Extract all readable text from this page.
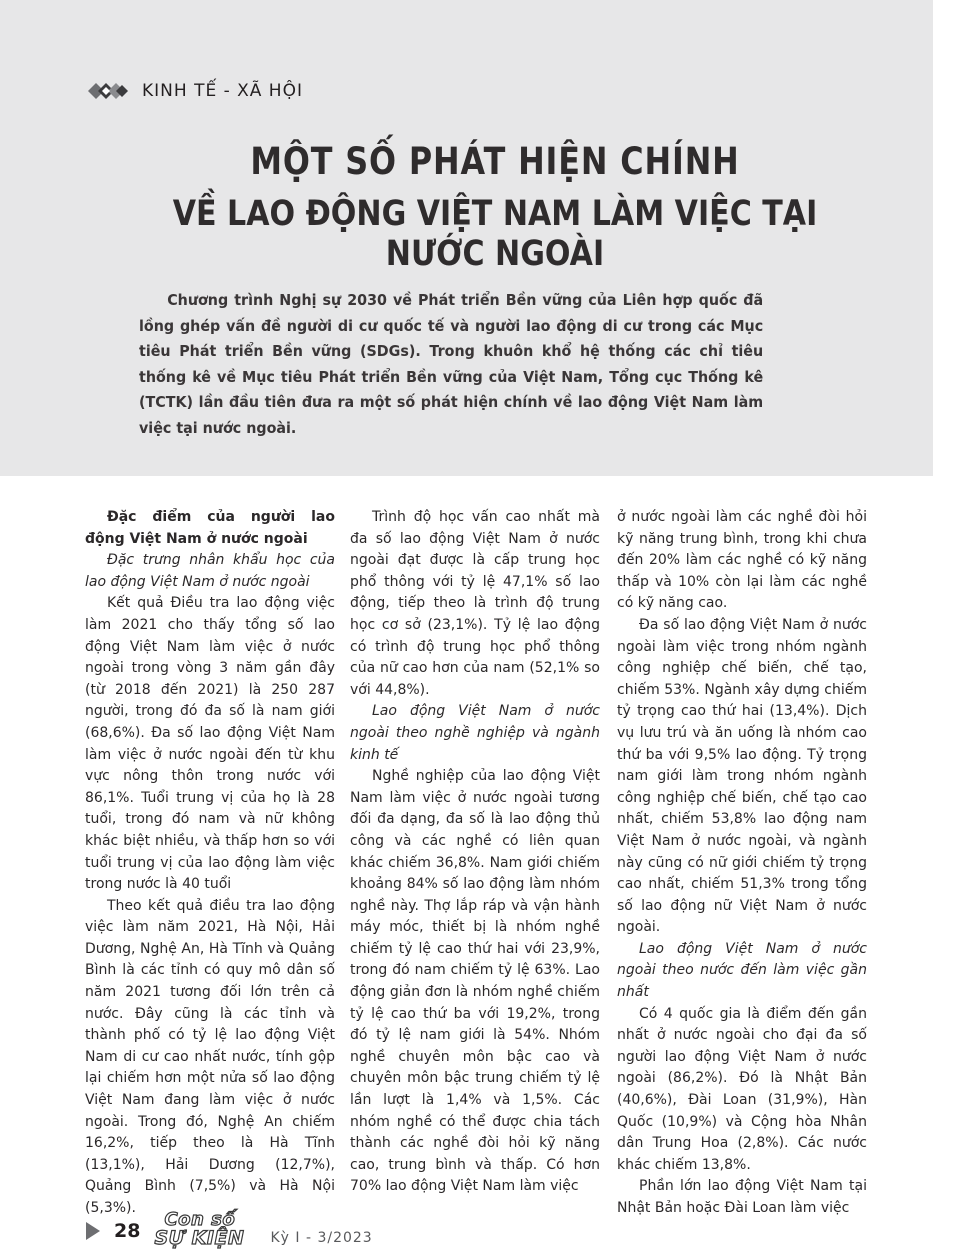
KINH TẾ - XÃ HỘI
MỘT SỐ PHÁT HIỆN CHÍNH
VỀ LAO ĐỘNG VIỆT NAM LÀM VIỆC TẠI NƯỚC NGOÀI

Chương trình Nghị sự 2030 về Phát triển Bền vững của Liên hợp quốc đã lồng ghép vấn đề người di cư quốc tế và người lao động di cư trong các Mục tiêu Phát triển Bền vững (SDGs). Trong khuôn khổ hệ thống các chỉ tiêu thống kê về Mục tiêu Phát triển Bền vững của Việt Nam, Tổng cục Thống kê (TCTK) lần đầu tiên đưa ra một số phát hiện chính về lao động Việt Nam làm việc tại nước ngoài.

Đặc điểm của người lao động Việt Nam ở nước ngoài

Đặc trưng nhân khẩu học của lao động Việt Nam ở nước ngoài

Kết quả Điều tra lao động việc làm 2021 cho thấy tổng số lao động Việt Nam làm việc ở nước ngoài trong vòng 3 năm gần đây (từ 2018 đến 2021) là 250 287 người, trong đó đa số là nam giới (68,6%). Đa số lao động Việt Nam làm việc ở nước ngoài đến từ khu vực nông thôn trong nước với 86,1%. Tuổi trung vị của họ là 28 tuổi, trong đó nam và nữ không khác biệt nhiều, và thấp hơn so với tuổi trung vị của lao động làm việc trong nước là 40 tuổi

Theo kết quả điều tra lao động việc làm năm 2021, Hà Nội, Hải Dương, Nghệ An, Hà Tĩnh và Quảng Bình là các tỉnh có quy mô dân số năm 2021 tương đối lớn trên cả nước. Đây cũng là các tỉnh và thành phố có tỷ lệ lao động Việt Nam di cư cao nhất nước, tính gộp lại chiếm hơn một nửa số lao động Việt Nam đang làm việc ở nước ngoài. Trong đó, Nghệ An chiếm 16,2%, tiếp theo là Hà Tĩnh (13,1%), Hải Dương (12,7%), Quảng Bình (7,5%) và Hà Nội (5,3%).

Trình độ học vấn cao nhất mà đa số lao động Việt Nam ở nước ngoài đạt được là cấp trung học phổ thông với tỷ lệ 47,1% số lao động, tiếp theo là trình độ trung học cơ sở (23,1%). Tỷ lệ lao động có trình độ trung học phổ thông của nữ cao hơn của nam (52,1% so với 44,8%).

Lao động Việt Nam ở nước ngoài theo nghề nghiệp và ngành kinh tế

Nghề nghiệp của lao động Việt Nam làm việc ở nước ngoài tương đối đa dạng, đa số là lao động thủ công và các nghề có liên quan khác chiếm 36,8%. Nam giới chiếm khoảng 84% số lao động làm nhóm nghề này. Thợ lắp ráp và vận hành máy móc, thiết bị là nhóm nghề chiếm tỷ lệ cao thứ hai với 23,9%, trong đó nam chiếm tỷ lệ 63%. Lao động giản đơn là nhóm nghề chiếm tỷ lệ cao thứ ba với 19,2%, trong đó tỷ lệ nam giới là 54%. Nhóm nghề chuyên môn bậc cao và chuyên môn bậc trung chiếm tỷ lệ lần lượt là 1,4% và 1,5%. Các nhóm nghề có thể được chia tách thành các nghề đòi hỏi kỹ năng cao, trung bình và thấp. Có hơn 70% lao động Việt Nam làm việc

ở nước ngoài làm các nghề đòi hỏi kỹ năng trung bình, trong khi chưa đến 20% làm các nghề có kỹ năng thấp và 10% còn lại làm các nghề có kỹ năng cao.

Đa số lao động Việt Nam ở nước ngoài làm việc trong nhóm ngành công nghiệp chế biến, chế tạo, chiếm 53%. Ngành xây dựng chiếm tỷ trọng cao thứ hai (13,4%). Dịch vụ lưu trú và ăn uống là nhóm cao thứ ba với 9,5% lao động. Tỷ trọng nam giới làm trong nhóm ngành công nghiệp chế biến, chế tạo cao nhất, chiếm 53,8% lao động nam Việt Nam ở nước ngoài, và ngành này cũng có nữ giới chiếm tỷ trọng cao nhất, chiếm 51,3% trong tổng số lao động nữ Việt Nam ở nước ngoài.

Lao động Việt Nam ở nước ngoài theo nước đến làm việc gần nhất

Có 4 quốc gia là điểm đến gần nhất ở nước ngoài cho đại đa số người lao động Việt Nam ở nước ngoài (86,2%). Đó là Nhật Bản (40,6%), Đài Loan (31,9%), Hàn Quốc (10,9%) và Cộng hòa Nhân dân Trung Hoa (2,8%). Các nước khác chiếm 13,8%.

Phần lớn lao động Việt Nam tại Nhật Bản hoặc Đài Loan làm việc

28
Con số
SỰ KIỆN Kỳ I - 3/2023
